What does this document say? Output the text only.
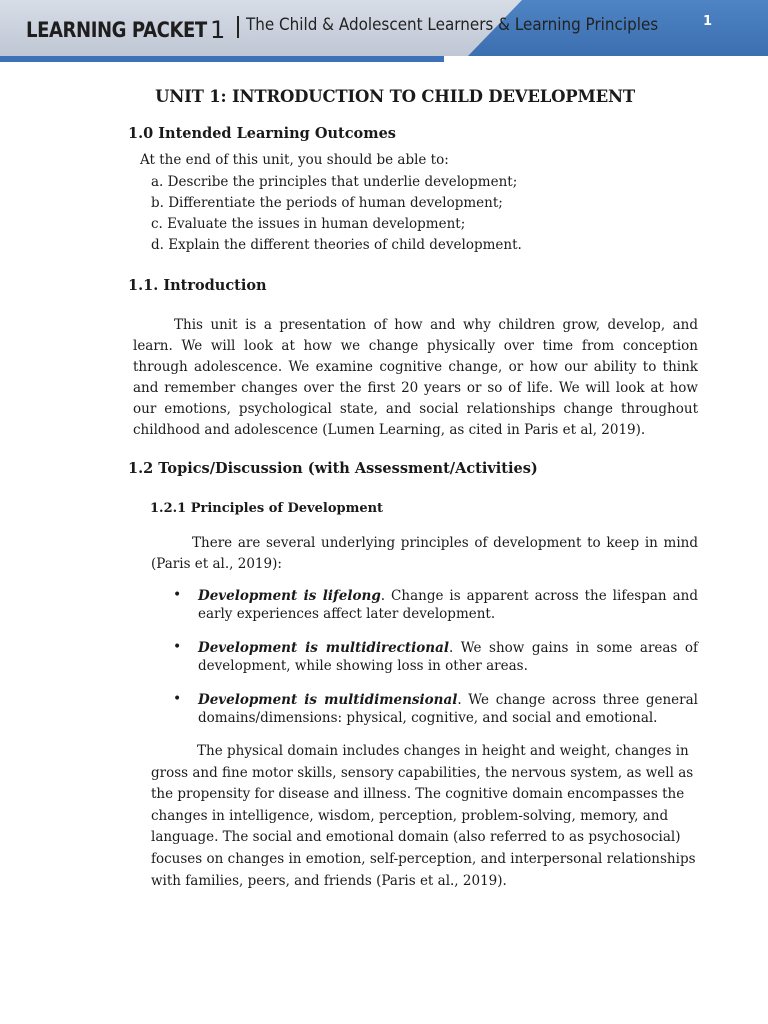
LEARNING PACKET 1 The Child & Adolescent Learners & Learning Principles	1
UNIT 1: INTRODUCTION TO CHILD DEVELOPMENT
1.0 Intended Learning Outcomes
At the end of this unit, you should be able to:
a. Describe the principles that underlie development;
b. Differentiate the periods of human development;
c. Evaluate the issues in human development;
d. Explain the different theories of child development.
1.1. Introduction
This unit is a presentation of how and why children grow, develop, and learn. We will look at how we change physically over time from conception through adolescence. We examine cognitive change, or how our ability to think and remember changes over the first 20 years or so of life. We will look at how our emotions, psychological state, and social relationships change throughout childhood and adolescence (Lumen Learning, as cited in Paris et al, 2019).
1.2 Topics/Discussion (with Assessment/Activities)
1.2.1 Principles of Development
There are several underlying principles of development to keep in mind (Paris et al., 2019):
• Development is lifelong. Change is apparent across the lifespan and early experiences affect later development.
• Development is multidirectional. We show gains in some areas of development, while showing loss in other areas.
• Development is multidimensional. We change across three general domains/dimensions: physical, cognitive, and social and emotional.
The physical domain includes changes in height and weight, changes in gross and fine motor skills, sensory capabilities, the nervous system, as well as the propensity for disease and illness. The cognitive domain encompasses the changes in intelligence, wisdom, perception, problem-solving, memory, and language. The social and emotional domain (also referred to as psychosocial) focuses on changes in emotion, self-perception, and interpersonal relationships with families, peers, and friends (Paris et al., 2019).
